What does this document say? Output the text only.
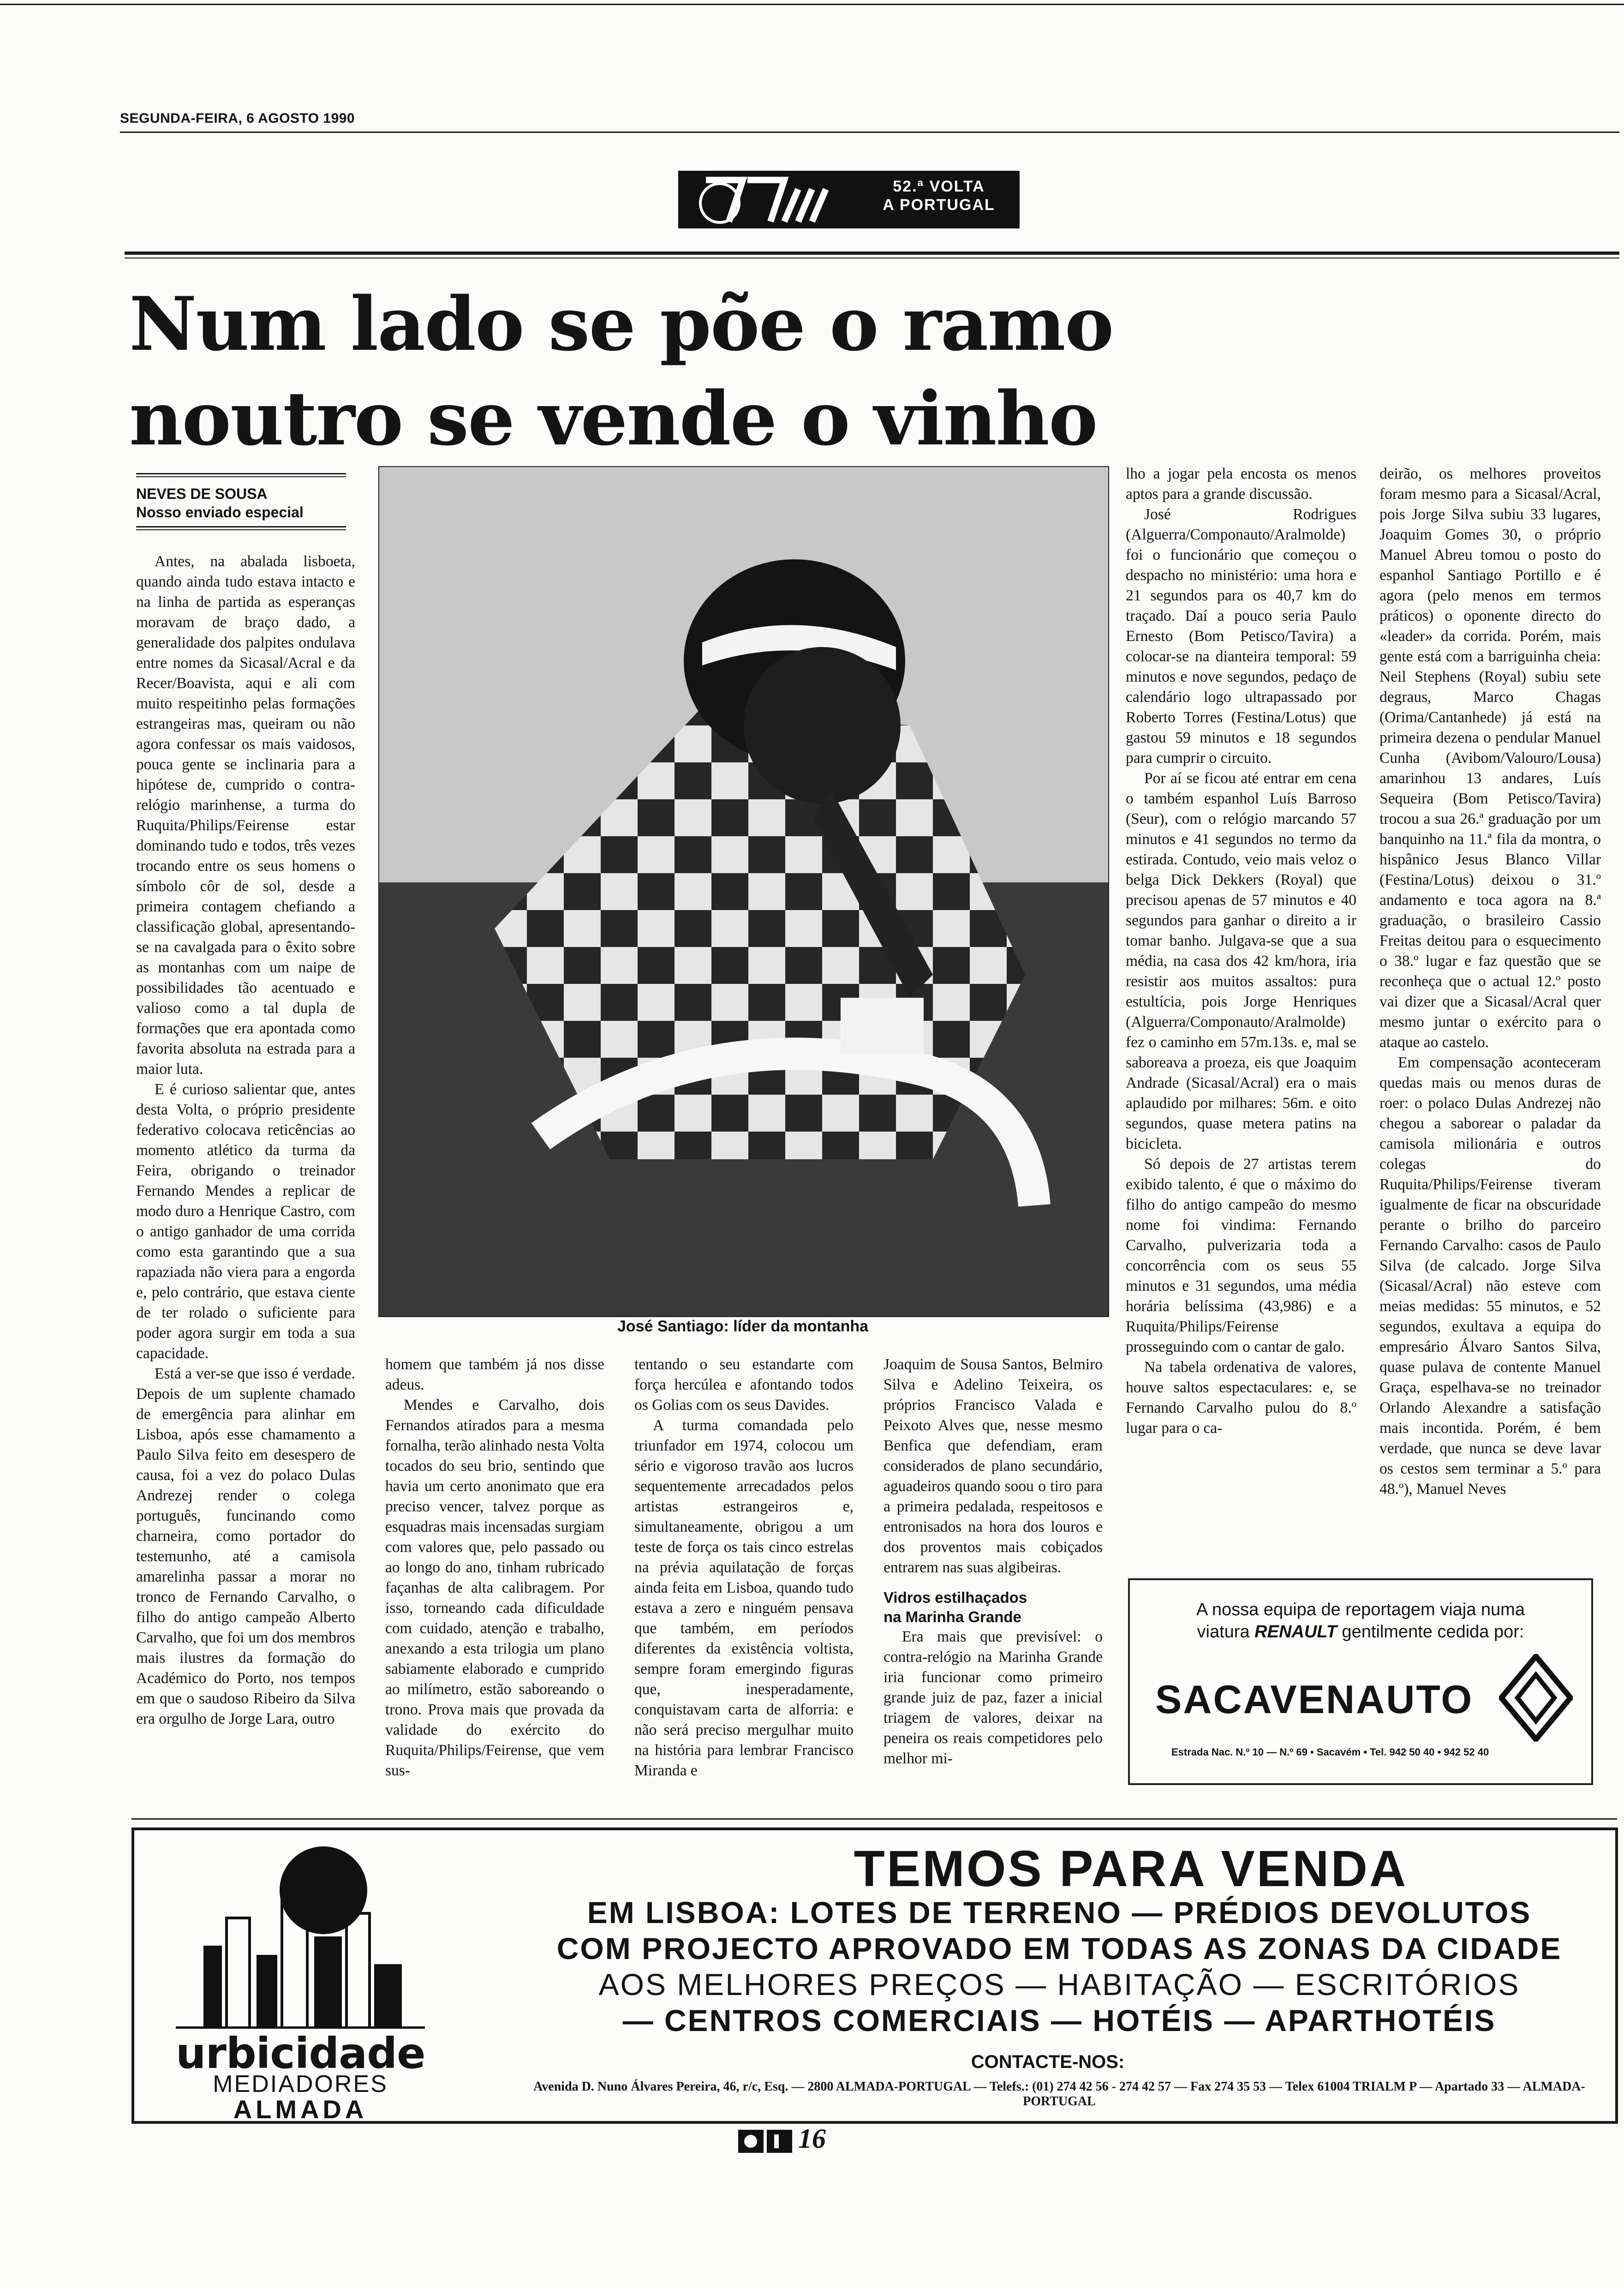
SEGUNDA-FEIRA, 6 AGOSTO 1990
52.ª VOLTA
A PORTUGAL
Num lado se põe o ramo
noutro se vende o vinho
NEVES DE SOUSA
Nosso enviado especial

Antes, na abalada lisboeta, quando ainda tudo estava intacto e na linha de partida as esperanças moravam de braço dado, a generalidade dos palpites ondulava entre nomes da Sicasal/Acral e da Recer/Boavista, aqui e ali com muito respeitinho pelas formações estrangeiras mas, queiram ou não agora confessar os mais vaidosos, pouca gente se inclinaria para a hipótese de, cumprido o contra-relógio marinhense, a turma do Ruquita/Philips/Feirense estar dominando tudo e todos, três vezes trocando entre os seus homens o símbolo côr de sol, desde a primeira contagem chefiando a classificação global, apresentando-se na cavalgada para o êxito sobre as montanhas com um naipe de possibilidades tão acentuado e valioso como a tal dupla de formações que era apontada como favorita absoluta na estrada para a maior luta.

E é curioso salientar que, antes desta Volta, o próprio presidente federativo colocava reticências ao momento atlético da turma da Feira, obrigando o treinador Fernando Mendes a replicar de modo duro a Henrique Castro, com o antigo ganhador de uma corrida como esta garantindo que a sua rapaziada não viera para a engorda e, pelo contrário, que estava ciente de ter rolado o suficiente para poder agora surgir em toda a sua capacidade.

Está a ver-se que isso é verdade. Depois de um suplente chamado de emergência para alinhar em Lisboa, após esse chamamento a Paulo Silva feito em desespero de causa, foi a vez do polaco Dulas Andrezej render o colega português, funcinando como charneira, como portador do testemunho, até a camisola amarelinha passar a morar no tronco de Fernando Carvalho, o filho do antigo campeão Alberto Carvalho, que foi um dos membros mais ilustres da formação do Académico do Porto, nos tempos em que o saudoso Ribeiro da Silva era orgulho de Jorge Lara, outro

José Santiago: líder da montanha

homem que também já nos disse adeus.

Mendes e Carvalho, dois Fernandos atirados para a mesma fornalha, terão alinhado nesta Volta tocados do seu brio, sentindo que havia um certo anonimato que era preciso vencer, talvez porque as esquadras mais incensadas surgiam com valores que, pelo passado ou ao longo do ano, tinham rubricado façanhas de alta calibragem. Por isso, torneando cada dificuldade com cuidado, atenção e trabalho, anexando a esta trilogia um plano sabiamente elaborado e cumprido ao milímetro, estão saboreando o trono. Prova mais que provada da validade do exército do Ruquita/Philips/Feirense, que vem sus-

tentando o seu estandarte com força hercúlea e afontando todos os Golias com os seus Davides.

A turma comandada pelo triunfador em 1974, colocou um sério e vigoroso travão aos lucros sequentemente arrecadados pelos artistas estrangeiros e, simultaneamente, obrigou a um teste de força os tais cinco estrelas na prévia aquilatação de forças ainda feita em Lisboa, quando tudo estava a zero e ninguém pensava que também, em períodos diferentes da existência voltista, sempre foram emergindo figuras que, inesperadamente, conquistavam carta de alforria: e não será preciso mergulhar muito na história para lembrar Francisco Miranda e

Joaquim de Sousa Santos, Belmiro Silva e Adelino Teixeira, os próprios Francisco Valada e Peixoto Alves que, nesse mesmo Benfica que defendiam, eram considerados de plano secundário, aguadeiros quando soou o tiro para a primeira pedalada, respeitosos e entronisados na hora dos louros e dos proventos mais cobiçados entrarem nas suas algibeiras.

Vidros estilhaçados
na Marinha Grande

Era mais que previsível: o contra-relógio na Marinha Grande iria funcionar como primeiro grande juiz de paz, fazer a inicial triagem de valores, deixar na peneira os reais competidores pelo melhor mi-

lho a jogar pela encosta os menos aptos para a grande discussão.

José Rodrigues (Alguerra/Componauto/Aralmolde) foi o funcionário que começou o despacho no ministério: uma hora e 21 segundos para os 40,7 km do traçado. Daí a pouco seria Paulo Ernesto (Bom Petisco/Tavira) a colocar-se na dianteira temporal: 59 minutos e nove segundos, pedaço de calendário logo ultrapassado por Roberto Torres (Festina/Lotus) que gastou 59 minutos e 18 segundos para cumprir o circuito.

Por aí se ficou até entrar em cena o também espanhol Luís Barroso (Seur), com o relógio marcando 57 minutos e 41 segundos no termo da estirada. Contudo, veio mais veloz o belga Dick Dekkers (Royal) que precisou apenas de 57 minutos e 40 segundos para ganhar o direito a ir tomar banho. Julgava-se que a sua média, na casa dos 42 km/hora, iria resistir aos muitos assaltos: pura estultícia, pois Jorge Henriques (Alguerra/Componauto/Aralmolde) fez o caminho em 57m.13s. e, mal se saboreava a proeza, eis que Joaquim Andrade (Sicasal/Acral) era o mais aplaudido por milhares: 56m. e oito segundos, quase metera patins na bicicleta.

Só depois de 27 artistas terem exibido talento, é que o máximo do filho do antigo campeão do mesmo nome foi vindima: Fernando Carvalho, pulverizaria toda a concorrência com os seus 55 minutos e 31 segundos, uma média horária belíssima (43,986) e a Ruquita/Philips/Feirense prosseguindo com o cantar de galo.

Na tabela ordenativa de valores, houve saltos espectaculares: e, se Fernando Carvalho pulou do 8.º lugar para o ca-

deirão, os melhores proveitos foram mesmo para a Sicasal/Acral, pois Jorge Silva subiu 33 lugares, Joaquim Gomes 30, o próprio Manuel Abreu tomou o posto do espanhol Santiago Portillo e é agora (pelo menos em termos práticos) o oponente directo do «leader» da corrida. Porém, mais gente está com a barriguinha cheia: Neil Stephens (Royal) subiu sete degraus, Marco Chagas (Orima/Cantanhede) já está na primeira dezena o pendular Manuel Cunha (Avibom/Valouro/Lousa) amarinhou 13 andares, Luís Sequeira (Bom Petisco/Tavira) trocou a sua 26.ª graduação por um banquinho na 11.ª fila da montra, o hispânico Jesus Blanco Villar (Festina/Lotus) deixou o 31.º andamento e toca agora na 8.ª graduação, o brasileiro Cassio Freitas deitou para o esquecimento o 38.º lugar e faz questão que se reconheça que o actual 12.º posto vai dizer que a Sicasal/Acral quer mesmo juntar o exército para o ataque ao castelo.

Em compensação aconteceram quedas mais ou menos duras de roer: o polaco Dulas Andrezej não chegou a saborear o paladar da camisola milionária e outros colegas do Ruquita/Philips/Feirense tiveram igualmente de ficar na obscuridade perante o brilho do parceiro Fernando Carvalho: casos de Paulo Silva (de calcado. Jorge Silva (Sicasal/Acral) não esteve com meias medidas: 55 minutos, e 52 segundos, exultava a equipa do empresário Álvaro Santos Silva, quase pulava de contente Manuel Graça, espelhava-se no treinador Orlando Alexandre a satisfação mais incontida. Porém, é bem verdade, que nunca se deve lavar os cestos sem terminar a 5.º para 48.º), Manuel Neves

A nossa equipa de reportagem viaja numa
viatura RENAULT gentilmente cedida por:
SACAVENAUTO
Estrada Nac. N.º 10 — N.º 69 • Sacavém • Tel. 942 50 40 • 942 52 40
urbicidade
MEDIADORES
ALMADA
TEMOS PARA VENDA
EM LISBOA: LOTES DE TERRENO — PRÉDIOS DEVOLUTOS
COM PROJECTO APROVADO EM TODAS AS ZONAS DA CIDADE
AOS MELHORES PREÇOS — HABITAÇÃO — ESCRITÓRIOS
— CENTROS COMERCIAIS — HOTÉIS — APARTHOTÉIS
CONTACTE-NOS:
Avenida D. Nuno Álvares Pereira, 46, r/c, Esq. — 2800 ALMADA-PORTUGAL — Telefs.: (01) 274 42 56 - 274 42 57 — Fax 274 35 53 — Telex 61004 TRIALM P — Apartado 33 — ALMADA-PORTUGAL
16
